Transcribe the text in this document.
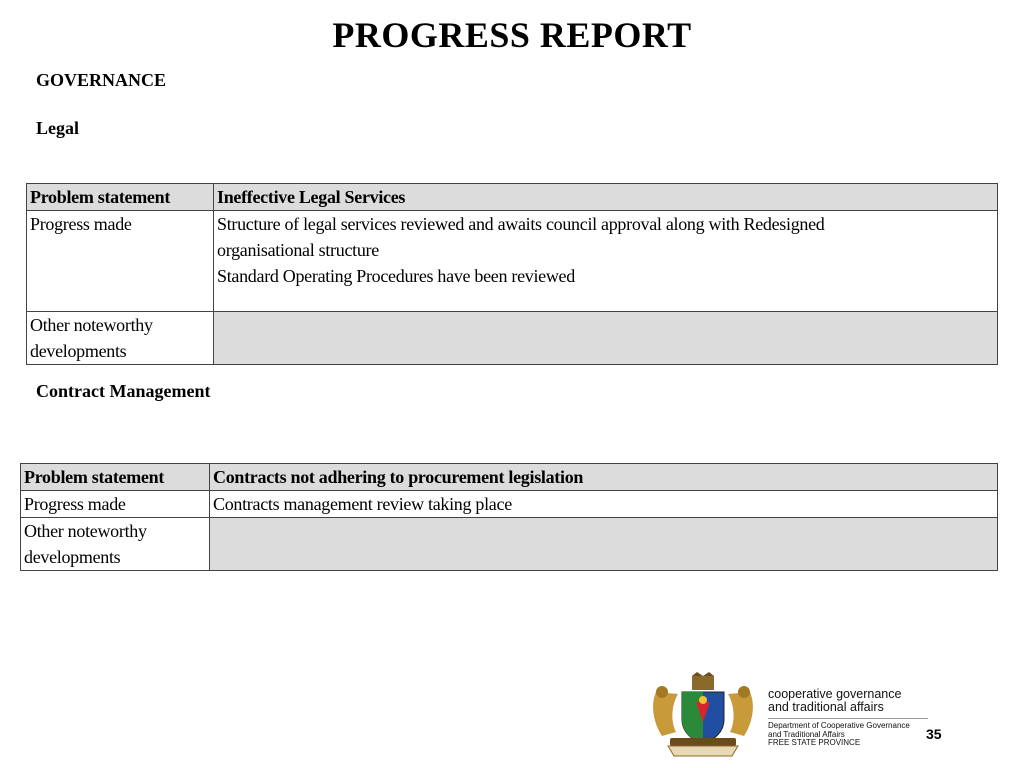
PROGRESS REPORT
GOVERNANCE
Legal
Problem statement	Ineffective Legal Services
Progress made	Structure of legal services reviewed and awaits council approval along with Redesigned
organisational structure
Standard Operating Procedures have been reviewed

Other noteworthy
developments	

Contract Management
Problem statement	Contracts not adhering to procurement legislation
Progress made	Contracts management review taking place

Other noteworthy
developments	

cooperative governance
and traditional affairs
Department of Cooperative Governance
and Traditional Affairs
FREE STATE PROVINCE
35
